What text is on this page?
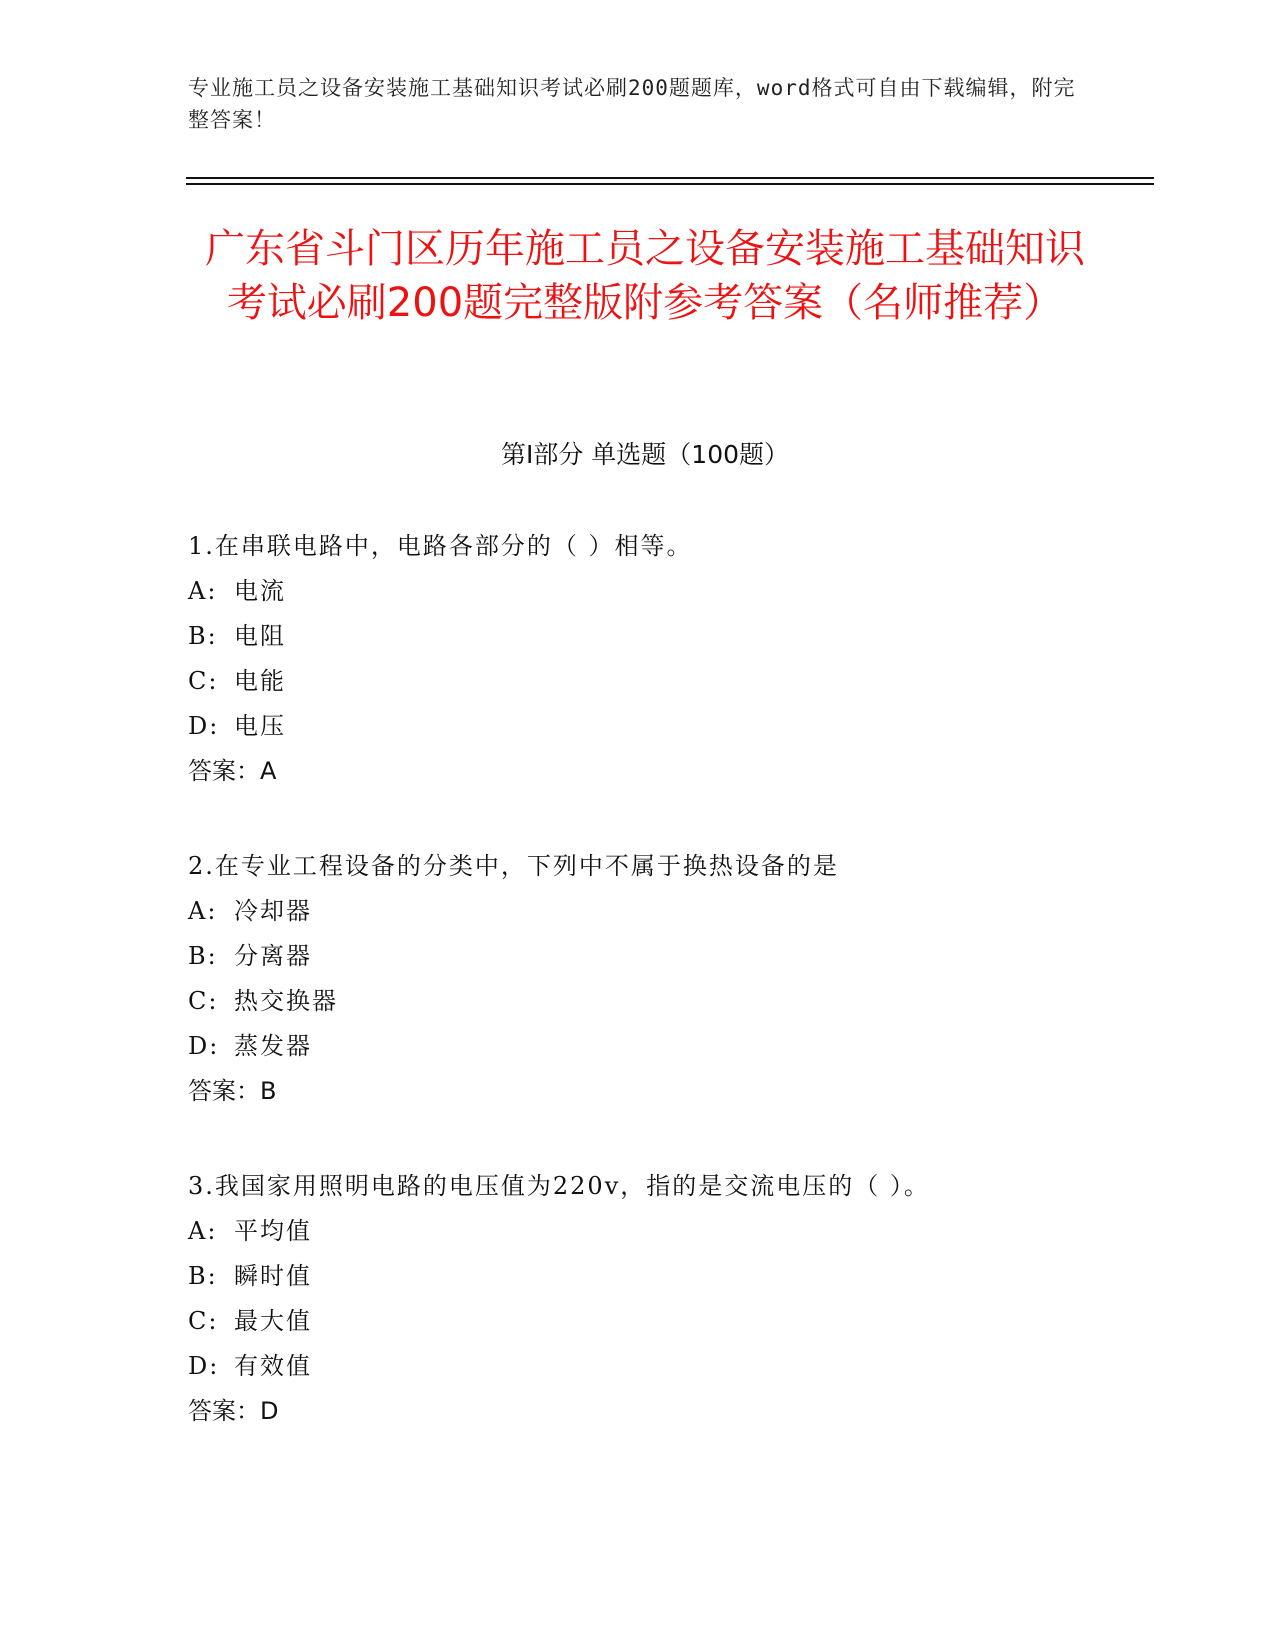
专业施工员之设备安装施工基础知识考试必刷200题题库，word格式可自由下载编辑，附完整答案！
广东省斗门区历年施工员之设备安装施工基础知识考试必刷200题完整版附参考答案（名师推荐）
第Ⅰ部分 单选题（100题）
1.在串联电路中，电路各部分的（ ）相等。
A: 电流
B: 电阻
C: 电能
D: 电压
答案：A
2.在专业工程设备的分类中，下列中不属于换热设备的是
A: 冷却器
B: 分离器
C: 热交换器
D: 蒸发器
答案：B
3.我国家用照明电路的电压值为220v，指的是交流电压的（ ）。
A: 平均值
B: 瞬时值
C: 最大值
D: 有效值
答案：D
